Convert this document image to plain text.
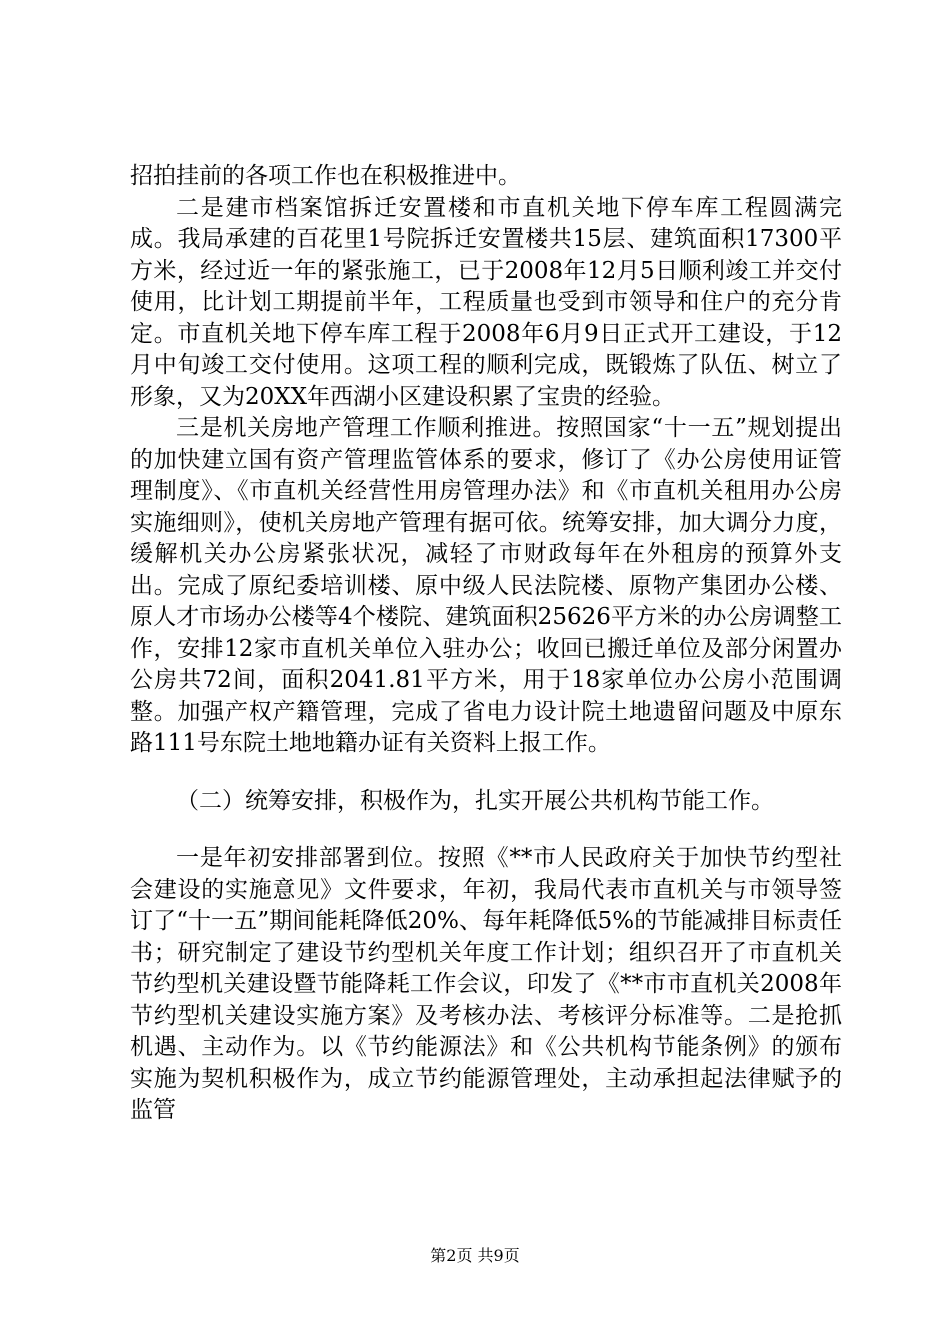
招拍挂前的各项工作也在积极推进中。

二是建市档案馆拆迁安置楼和市直机关地下停车库工程圆满完成。我局承建的百花里1号院拆迁安置楼共15层、建筑面积17300平方米，经过近一年的紧张施工，已于2008年12月5日顺利竣工并交付使用，比计划工期提前半年，工程质量也受到市领导和住户的充分肯定。市直机关地下停车库工程于2008年6月9日正式开工建设，于12月中旬竣工交付使用。这项工程的顺利完成，既锻炼了队伍、树立了形象，又为20XX年西湖小区建设积累了宝贵的经验。

三是机关房地产管理工作顺利推进。按照国家“十一五”规划提出的加快建立国有资产管理监管体系的要求，修订了《办公房使用证管理制度》、《市直机关经营性用房管理办法》和《市直机关租用办公房实施细则》，使机关房地产管理有据可依。统筹安排，加大调分力度，缓解机关办公房紧张状况，减轻了市财政每年在外租房的预算外支出。完成了原纪委培训楼、原中级人民法院楼、原物产集团办公楼、原人才市场办公楼等4个楼院、建筑面积25626平方米的办公房调整工作，安排12家市直机关单位入驻办公；收回已搬迁单位及部分闲置办公房共72间，面积2041.81平方米，用于18家单位办公房小范围调整。加强产权产籍管理，完成了省电力设计院土地遗留问题及中原东路111号东院土地地籍办证有关资料上报工作。

（二）统筹安排，积极作为，扎实开展公共机构节能工作。

一是年初安排部署到位。按照《**市人民政府关于加快节约型社会建设的实施意见》文件要求，年初，我局代表市直机关与市领导签订了“十一五”期间能耗降低20%、每年耗降低5%的节能减排目标责任书；研究制定了建设节约型机关年度工作计划；组织召开了市直机关节约型机关建设暨节能降耗工作会议，印发了《**市市直机关2008年节约型机关建设实施方案》及考核办法、考核评分标准等。二是抢抓机遇、主动作为。以《节约能源法》和《公共机构节能条例》的颁布实施为契机积极作为，成立节约能源管理处，主动承担起法律赋予的监管

第2页 共9页
